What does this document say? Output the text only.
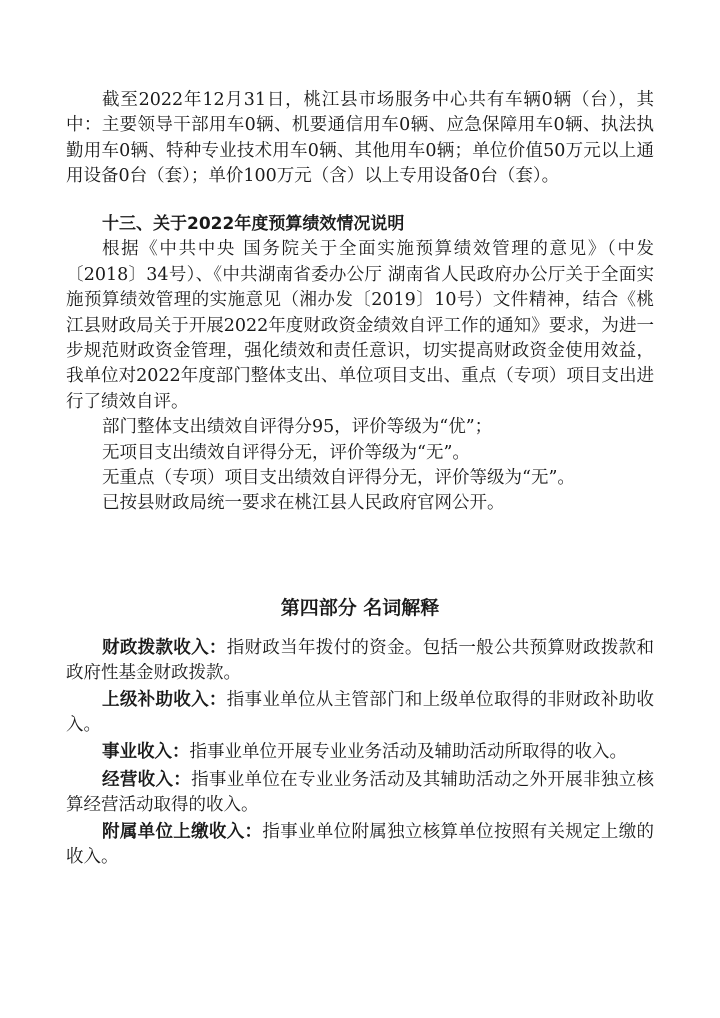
截至2022年12月31日，桃江县市场服务中心共有车辆0辆（台），其中：主要领导干部用车0辆、机要通信用车0辆、应急保障用车0辆、执法执勤用车0辆、特种专业技术用车0辆、其他用车0辆；单位价值50万元以上通用设备0台（套）；单价100万元（含）以上专用设备0台（套）。

十三、关于2022年度预算绩效情况说明

根据《中共中央 国务院关于全面实施预算绩效管理的意见》（中发〔2018〕34号）、《中共湖南省委办公厅 湖南省人民政府办公厅关于全面实施预算绩效管理的实施意见（湘办发〔2019〕10号）文件精神，结合《桃江县财政局关于开展2022年度财政资金绩效自评工作的通知》要求，为进一步规范财政资金管理，强化绩效和责任意识，切实提高财政资金使用效益，我单位对2022年度部门整体支出、单位项目支出、重点（专项）项目支出进行了绩效自评。

部门整体支出绩效自评得分95，评价等级为“优”；

无项目支出绩效自评得分无，评价等级为“无”。

无重点（专项）项目支出绩效自评得分无，评价等级为“无”。

已按县财政局统一要求在桃江县人民政府官网公开。

第四部分 名词解释

财政拨款收入：指财政当年拨付的资金。包括一般公共预算财政拨款和政府性基金财政拨款。

上级补助收入：指事业单位从主管部门和上级单位取得的非财政补助收入。

事业收入：指事业单位开展专业业务活动及辅助活动所取得的收入。

经营收入：指事业单位在专业业务活动及其辅助活动之外开展非独立核算经营活动取得的收入。

附属单位上缴收入：指事业单位附属独立核算单位按照有关规定上缴的收入。
